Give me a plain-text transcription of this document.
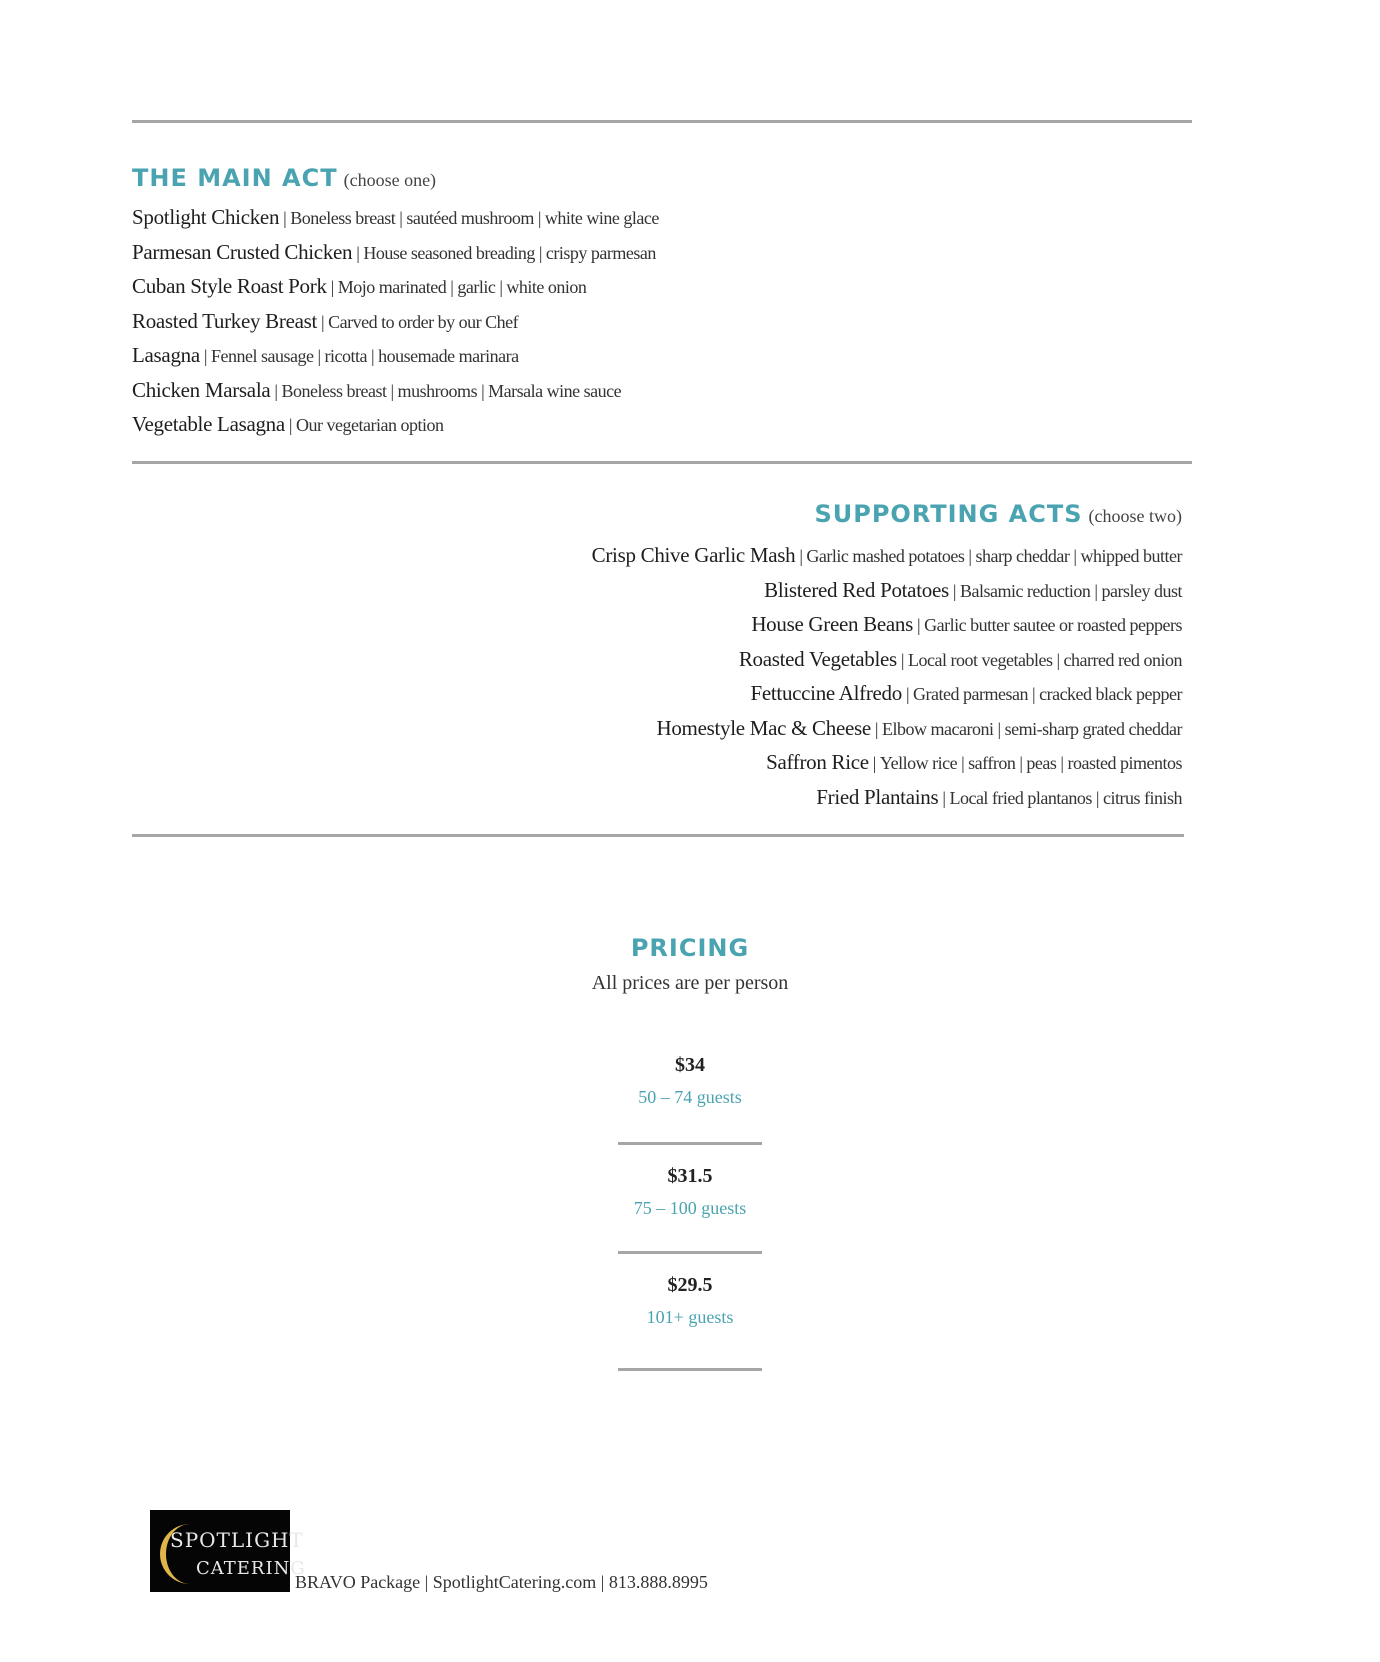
THE MAIN ACT (choose one)
Spotlight Chicken | Boneless breast | sautéed mushroom | white wine glace
Parmesan Crusted Chicken | House seasoned breading | crispy parmesan
Cuban Style Roast Pork | Mojo marinated | garlic | white onion
Roasted Turkey Breast | Carved to order by our Chef
Lasagna | Fennel sausage | ricotta | housemade marinara
Chicken Marsala | Boneless breast | mushrooms | Marsala wine sauce
Vegetable Lasagna | Our vegetarian option
SUPPORTING ACTS (choose two)
Crisp Chive Garlic Mash | Garlic mashed potatoes | sharp cheddar | whipped butter
Blistered Red Potatoes | Balsamic reduction | parsley dust
House Green Beans | Garlic butter sautee or roasted peppers
Roasted Vegetables | Local root vegetables | charred red onion
Fettuccine Alfredo | Grated parmesan | cracked black pepper
Homestyle Mac & Cheese | Elbow macaroni | semi-sharp grated cheddar
Saffron Rice | Yellow rice | saffron | peas | roasted pimentos
Fried Plantains | Local fried plantanos | citrus finish
PRICING
All prices are per person
$34
50 – 74 guests
$31.5
75 – 100 guests
$29.5
101+ guests
SPOTLIGHT
CATERING
BRAVO Package | SpotlightCatering.com | 813.888.8995
